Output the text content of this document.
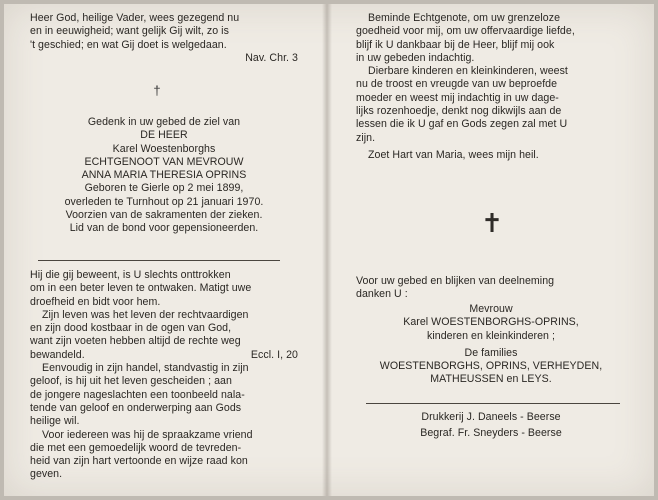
Heer God, heilige Vader, wees gezegend nu
en in eeuwigheid; want gelijk Gij wilt, zo is
't geschied; en wat Gij doet is welgedaan.
Nav. Chr. 3
Gedenk in uw gebed de ziel van
DE HEER
Karel Woestenborghs
ECHTGENOOT VAN MEVROUW
ANNA MARIA THERESIA OPRINS
Geboren te Gierle op 2 mei 1899,
overleden te Turnhout op 21 januari 1970.
Voorzien van de sakramenten der zieken.
Lid van de bond voor gepensioneerden.
Hij die gij beweent, is U slechts onttrokken
om in een beter leven te ontwaken. Matigt uwe
droefheid en bidt voor hem.
Zijn leven was het leven der rechtvaardigen
en zijn dood kostbaar in de ogen van God,
want zijn voeten hebben altijd de rechte weg
bewandeld.	Eccl. I, 20
Eenvoudig in zijn handel, standvastig in zijn
geloof, is hij uit het leven gescheiden ; aan
de jongere nageslachten een toonbeeld nala-
tende van geloof en onderwerping aan Gods
heilige wil.
Voor iedereen was hij de spraakzame vriend
die met een gemoedelijk woord de tevreden-
heid van zijn hart vertoonde en wijze raad kon
geven.
†
Beminde Echtgenote, om uw grenzeloze
goedheid voor mij, om uw offervaardige liefde,
blijf ik U dankbaar bij de Heer, blijf mij ook
in uw gebeden indachtig.
Dierbare kinderen en kleinkinderen, weest
nu de troost en vreugde van uw beproefde
moeder en weest mij indachtig in uw dage-
lijks rozenhoedje, denkt nog dikwijls aan de
lessen die ik U gaf en Gods zegen zal met U
zijn.
Zoet Hart van Maria, wees mijn heil.
Voor uw gebed en blijken van deelneming
danken U :
Mevrouw
Karel WOESTENBORGHS-OPRINS,
kinderen en kleinkinderen ;
De families
WOESTENBORGHS, OPRINS, VERHEYDEN,
MATHEUSSEN en LEYS.
Drukkerij J. Daneels - Beerse
Begraf. Fr. Sneyders - Beerse
✝
